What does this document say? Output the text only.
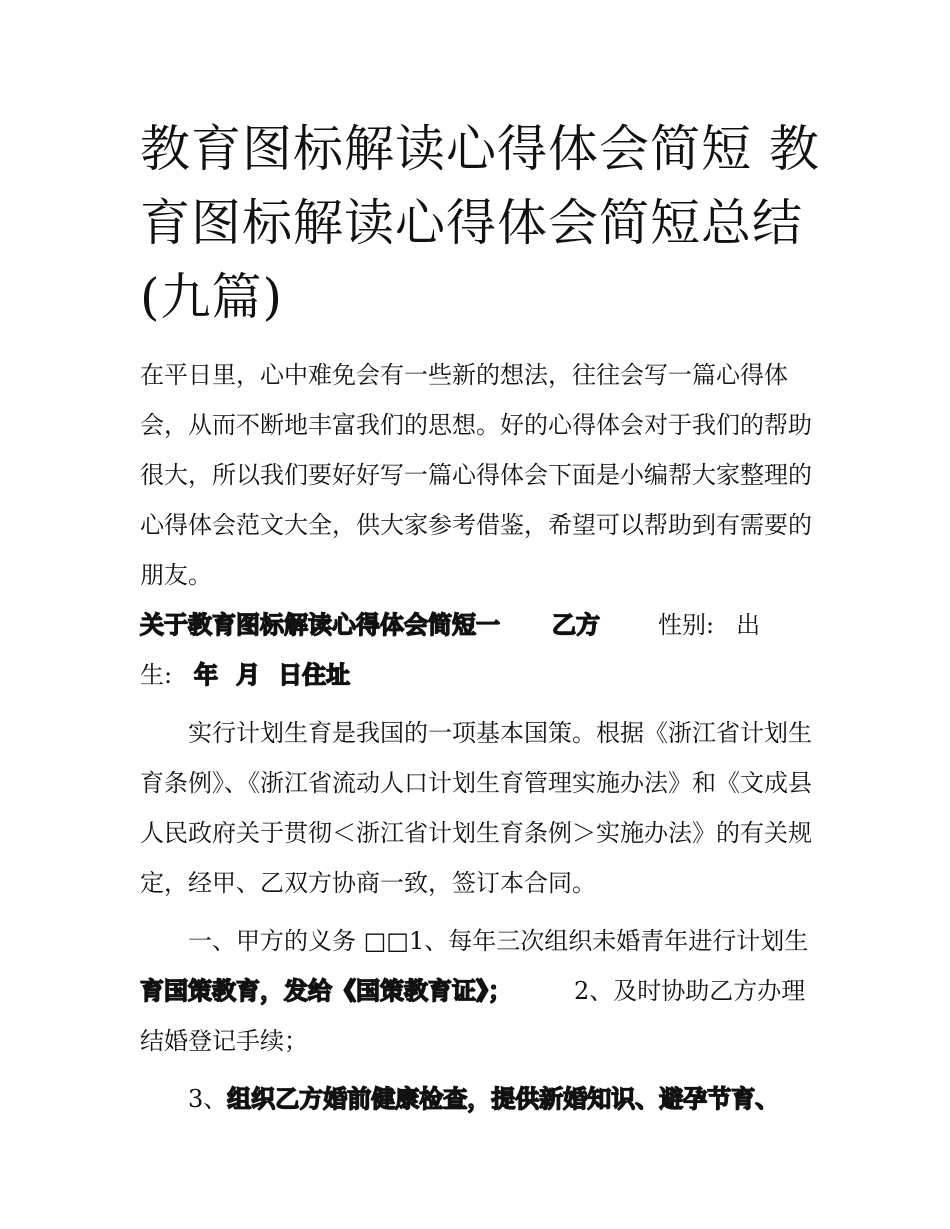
教育图标解读心得体会简短 教育图标解读心得体会简短总结(九篇)

在平日里，心中难免会有一些新的想法，往往会写一篇心得体会，从而不断地丰富我们的思想。好的心得体会对于我们的帮助很大，所以我们要好好写一篇心得体会下面是小编帮大家整理的心得体会范文大全，供大家参考借鉴，希望可以帮助到有需要的朋友。

关于教育图标解读心得体会简短一 乙方 性别: 出
生: 年 月 日住址

实行计划生育是我国的一项基本国策。根据《浙江省计划生育条例》、《浙江省流动人口计划生育管理实施办法》和《文成县人民政府关于贯彻＜浙江省计划生育条例＞实施办法》的有关规定，经甲、乙双方协商一致，签订本合同。

一、甲方的义务 □□1、每年三次组织未婚青年进行计划生育国策教育，发给《国策教育证》；	2、及时协助乙方办理结婚登记手续；

3、组织乙方婚前健康检查，提供新婚知识、避孕节育、
